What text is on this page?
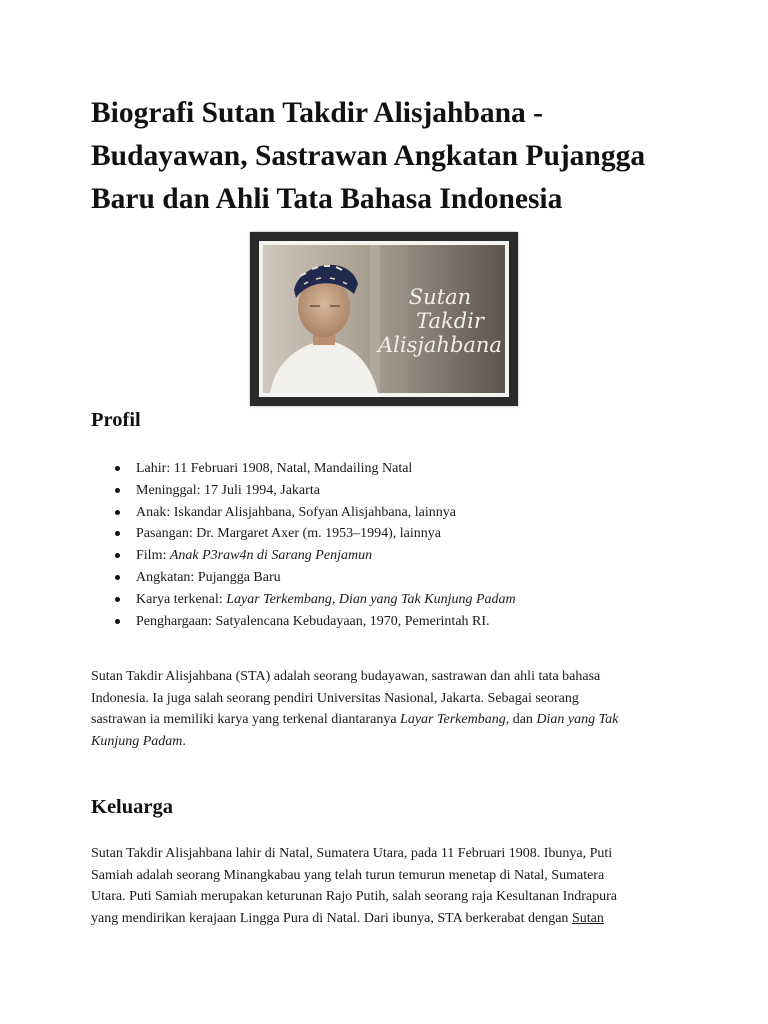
Biografi Sutan Takdir Alisjahbana -
Budayawan, Sastrawan Angkatan Pujangga
Baru dan Ahli Tata Bahasa Indonesia
Profil
Lahir: 11 Februari 1908, Natal, Mandailing Natal
Meninggal: 17 Juli 1994, Jakarta
Anak: Iskandar Alisjahbana, Sofyan Alisjahbana, lainnya
Pasangan: Dr. Margaret Axer (m. 1953–1994), lainnya
Film: Anak P3raw4n di Sarang Penjamun
Angkatan: Pujangga Baru
Karya terkenal: Layar Terkembang, Dian yang Tak Kunjung Padam
Penghargaan: Satyalencana Kebudayaan, 1970, Pemerintah RI.

Sutan Takdir Alisjahbana (STA) adalah seorang budayawan, sastrawan dan ahli tata bahasa
Indonesia. Ia juga salah seorang pendiri Universitas Nasional, Jakarta. Sebagai seorang
sastrawan ia memiliki karya yang terkenal diantaranya Layar Terkembang, dan Dian yang Tak
Kunjung Padam.

Keluarga

Sutan Takdir Alisjahbana lahir di Natal, Sumatera Utara, pada 11 Februari 1908. Ibunya, Puti
Samiah adalah seorang Minangkabau yang telah turun temurun menetap di Natal, Sumatera
Utara. Puti Samiah merupakan keturunan Rajo Putih, salah seorang raja Kesultanan Indrapura
yang mendirikan kerajaan Lingga Pura di Natal. Dari ibunya, STA berkerabat dengan Sutan

Sutan
Takdir
Alisjahbana
